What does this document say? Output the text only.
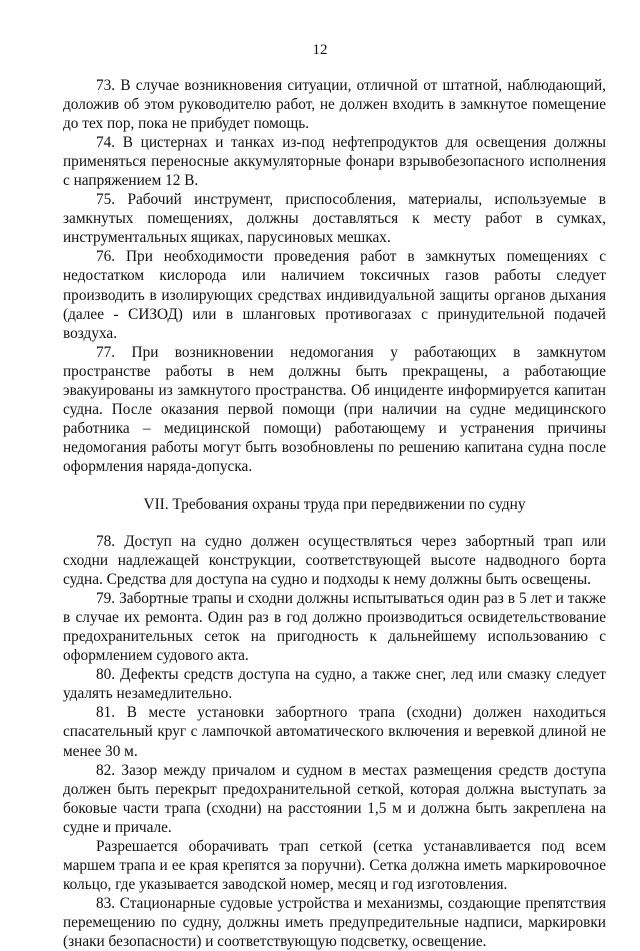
12

73. В случае возникновения ситуации, отличной от штатной, наблюдающий, доложив об этом руководителю работ, не должен входить в замкнутое помещение до тех пор, пока не прибудет помощь.

74. В цистернах и танках из-под нефтепродуктов для освещения должны применяться переносные аккумуляторные фонари взрывобезопасного исполнения с напряжением 12 В.

75. Рабочий инструмент, приспособления, материалы, используемые в замкнутых помещениях, должны доставляться к месту работ в сумках, инструментальных ящиках, парусиновых мешках.

76. При необходимости проведения работ в замкнутых помещениях с недостатком кислорода или наличием токсичных газов работы следует производить в изолирующих средствах индивидуальной защиты органов дыхания (далее - СИЗОД) или в шланговых противогазах с принудительной подачей воздуха.

77. При возникновении недомогания у работающих в замкнутом пространстве работы в нем должны быть прекращены, а работающие эвакуированы из замкнутого пространства. Об инциденте информируется капитан судна. После оказания первой помощи (при наличии на судне медицинского работника – медицинской помощи) работающему и устранения причины недомогания работы могут быть возобновлены по решению капитана судна после оформления наряда-допуска.

VII. Требования охраны труда при передвижении по судну

78. Доступ на судно должен осуществляться через забортный трап или сходни надлежащей конструкции, соответствующей высоте надводного борта судна. Средства для доступа на судно и подходы к нему должны быть освещены.

79. Забортные трапы и сходни должны испытываться один раз в 5 лет и также в случае их ремонта. Один раз в год должно производиться освидетельствование предохранительных сеток на пригодность к дальнейшему использованию с оформлением судового акта.

80. Дефекты средств доступа на судно, а также снег, лед или смазку следует удалять незамедлительно.

81. В месте установки забортного трапа (сходни) должен находиться спасательный круг с лампочкой автоматического включения и веревкой длиной не менее 30 м.

82. Зазор между причалом и судном в местах размещения средств доступа должен быть перекрыт предохранительной сеткой, которая должна выступать за боковые части трапа (сходни) на расстоянии 1,5 м и должна быть закреплена на судне и причале.

Разрешается оборачивать трап сеткой (сетка устанавливается под всем маршем трапа и ее края крепятся за поручни). Сетка должна иметь маркировочное кольцо, где указывается заводской номер, месяц и год изготовления.

83. Стационарные судовые устройства и механизмы, создающие препятствия перемещению по судну, должны иметь предупредительные надписи, маркировки (знаки безопасности) и соответствующую подсветку, освещение.
